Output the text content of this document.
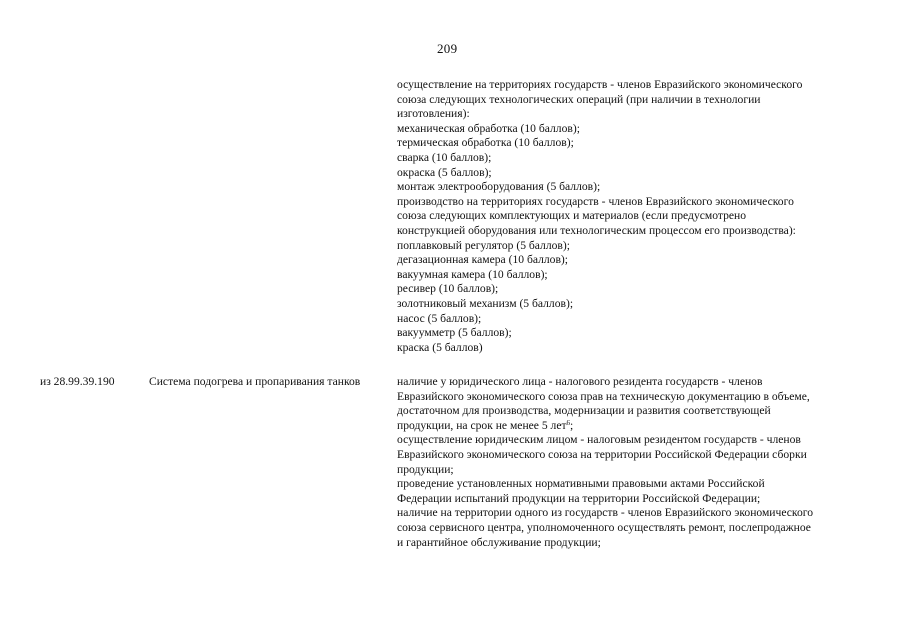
209
осуществление на территориях государств - членов Евразийского экономического
союза следующих технологических операций (при наличии в технологии
изготовления):
механическая обработка (10 баллов);
термическая обработка (10 баллов);
сварка (10 баллов);
окраска (5 баллов);
монтаж электрооборудования (5 баллов);
производство на территориях государств - членов Евразийского экономического
союза следующих комплектующих и материалов (если предусмотрено
конструкцией оборудования или технологическим процессом его производства):
поплавковый регулятор (5 баллов);
дегазационная камера (10 баллов);
вакуумная камера (10 баллов);
ресивер (10 баллов);
золотниковый механизм (5 баллов);
насос (5 баллов);
вакуумметр (5 баллов);
краска (5 баллов)
из 28.99.39.190	Система подогрева и пропаривания танков	наличие у юридического лица - налогового резидента государств - членов
Евразийского экономического союза прав на техническую документацию в объеме,
достаточном для производства, модернизации и развития соответствующей
продукции, на срок не менее 5 лет$^6$;
осуществление юридическим лицом - налоговым резидентом государств - членов
Евразийского экономического союза на территории Российской Федерации сборки
продукции;
проведение установленных нормативными правовыми актами Российской
Федерации испытаний продукции на территории Российской Федерации;
наличие на территории одного из государств - членов Евразийского экономического
союза сервисного центра, уполномоченного осуществлять ремонт, послепродажное
и гарантийное обслуживание продукции;
